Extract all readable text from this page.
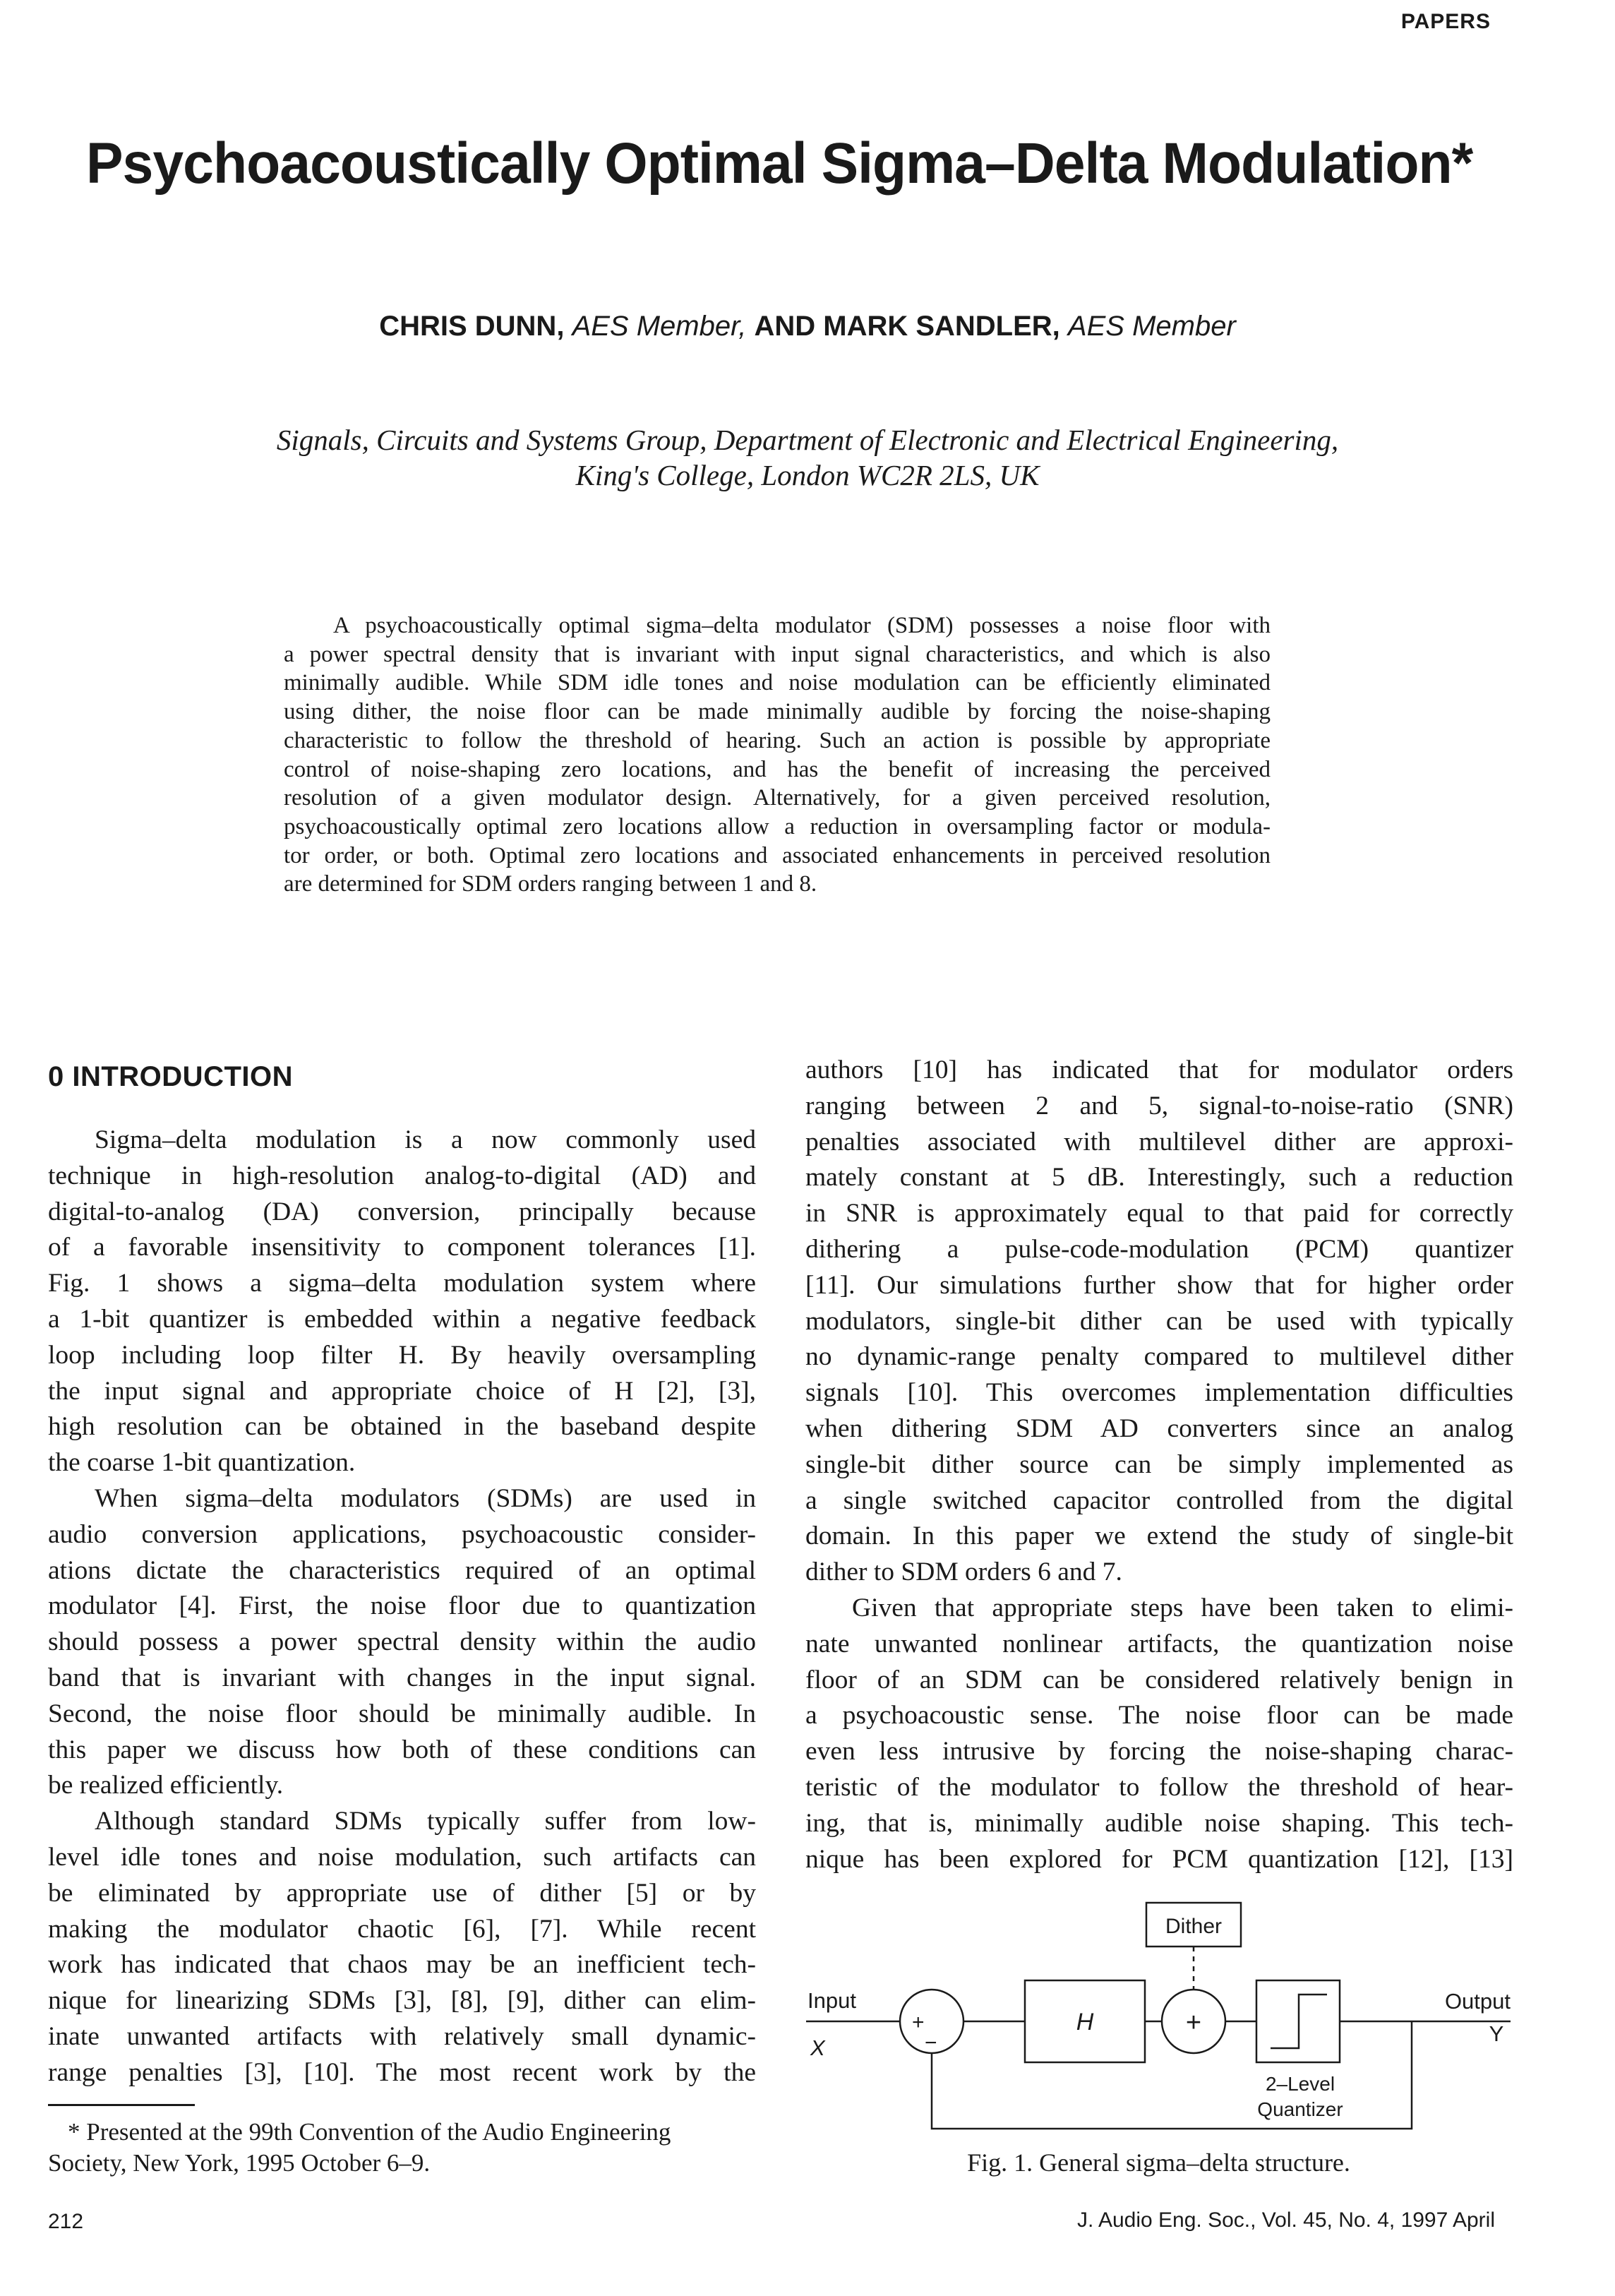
PAPERS
Psychoacoustically Optimal Sigma–Delta Modulation*
CHRIS DUNN, AES Member, AND MARK SANDLER, AES Member
Signals, Circuits and Systems Group, Department of Electronic and Electrical Engineering,
King's College, London WC2R 2LS, UK
A psychoacoustically optimal sigma–delta modulator (SDM) possesses a noise floor with
a power spectral density that is invariant with input signal characteristics, and which is also
minimally audible. While SDM idle tones and noise modulation can be efficiently eliminated
using dither, the noise floor can be made minimally audible by forcing the noise-shaping
characteristic to follow the threshold of hearing. Such an action is possible by appropriate
control of noise-shaping zero locations, and has the benefit of increasing the perceived
resolution of a given modulator design. Alternatively, for a given perceived resolution,
psychoacoustically optimal zero locations allow a reduction in oversampling factor or modula-
tor order, or both. Optimal zero locations and associated enhancements in perceived resolution
are determined for SDM orders ranging between 1 and 8.
0 INTRODUCTION
Sigma–delta modulation is a now commonly used
technique in high-resolution analog-to-digital (AD) and
digital-to-analog (DA) conversion, principally because
of a favorable insensitivity to component tolerances [1].
Fig. 1 shows a sigma–delta modulation system where
a 1-bit quantizer is embedded within a negative feedback
loop including loop filter H. By heavily oversampling
the input signal and appropriate choice of H [2], [3],
high resolution can be obtained in the baseband despite
the coarse 1-bit quantization.
When sigma–delta modulators (SDMs) are used in
audio conversion applications, psychoacoustic consider-
ations dictate the characteristics required of an optimal
modulator [4]. First, the noise floor due to quantization
should possess a power spectral density within the audio
band that is invariant with changes in the input signal.
Second, the noise floor should be minimally audible. In
this paper we discuss how both of these conditions can
be realized efficiently.
Although standard SDMs typically suffer from low-
level idle tones and noise modulation, such artifacts can
be eliminated by appropriate use of dither [5] or by
making the modulator chaotic [6], [7]. While recent
work has indicated that chaos may be an inefficient tech-
nique for linearizing SDMs [3], [8], [9], dither can elim-
inate unwanted artifacts with relatively small dynamic-
range penalties [3], [10]. The most recent work by the
authors [10] has indicated that for modulator orders
ranging between 2 and 5, signal-to-noise-ratio (SNR)
penalties associated with multilevel dither are approxi-
mately constant at 5 dB. Interestingly, such a reduction
in SNR is approximately equal to that paid for correctly
dithering a pulse-code-modulation (PCM) quantizer
[11]. Our simulations further show that for higher order
modulators, single-bit dither can be used with typically
no dynamic-range penalty compared to multilevel dither
signals [10]. This overcomes implementation difficulties
when dithering SDM AD converters since an analog
single-bit dither source can be simply implemented as
a single switched capacitor controlled from the digital
domain. In this paper we extend the study of single-bit
dither to SDM orders 6 and 7.
Given that appropriate steps have been taken to elimi-
nate unwanted nonlinear artifacts, the quantization noise
floor of an SDM can be considered relatively benign in
a psychoacoustic sense. The noise floor can be made
even less intrusive by forcing the noise-shaping charac-
teristic of the modulator to follow the threshold of hear-
ing, that is, minimally audible noise shaping. This tech-
nique has been explored for PCM quantization [12], [13]
Dither
Input
X
+
−
H	+
2–Level
Quantizer
Output
Y
Fig. 1. General sigma–delta structure.
* Presented at the 99th Convention of the Audio Engineering
Society, New York, 1995 October 6–9.
212	J. Audio Eng. Soc., Vol. 45, No. 4, 1997 April
